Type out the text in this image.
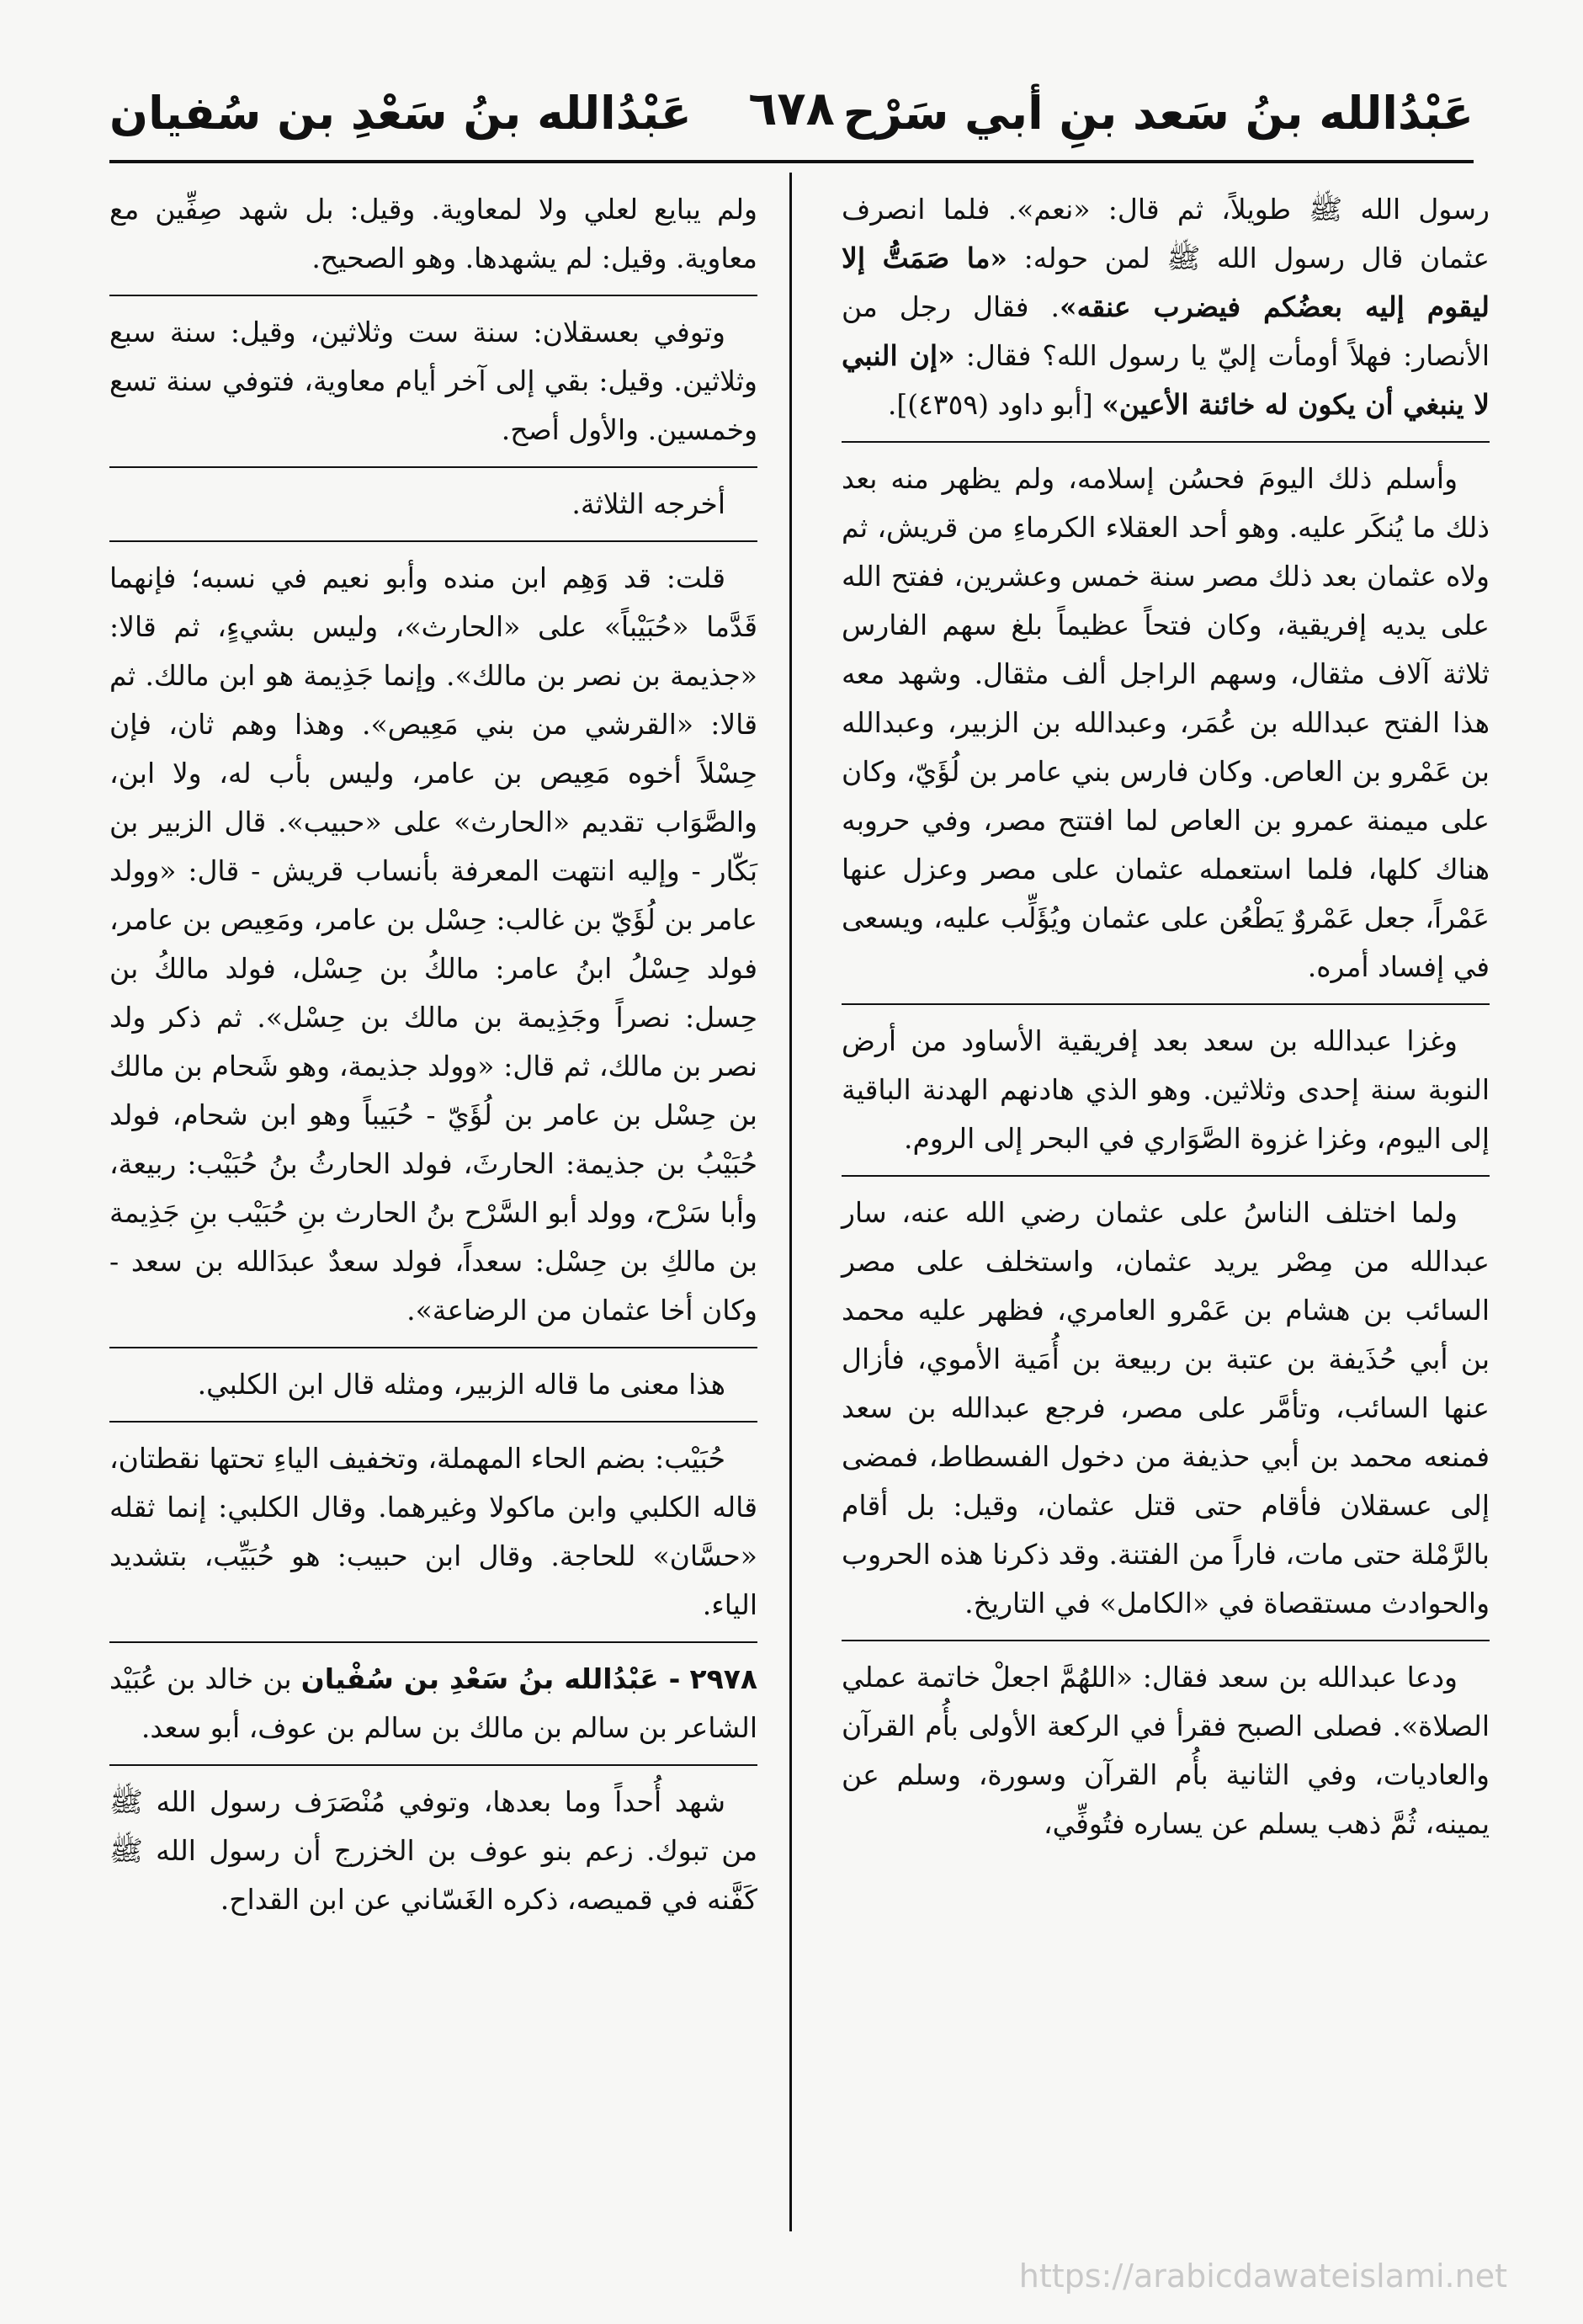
عَبْدُالله بنُ سَعْدِ بن سُفيان	٦٧٨ عَبْدُالله بنُ سَعد بنِ أبي سَرْح

رسول الله ﷺ طويلاً، ثم قال: «نعم». فلما انصرف عثمان قال رسول الله ﷺ لمن حوله: «ما صَمَتُّ إلا ليقوم إليه بعضُكم فيضرب عنقه». فقال رجل من الأنصار: فهلاً أومأت إليّ يا رسول الله؟ فقال: «إن النبي لا ينبغي أن يكون له خائنة الأعين» [أبو داود (٤٣٥٩)].

وأسلم ذلك اليومَ فحسُن إسلامه، ولم يظهر منه بعد ذلك ما يُنكَر عليه. وهو أحد العقلاء الكرماءِ من قريش، ثم ولاه عثمان بعد ذلك مصر سنة خمس وعشرين، ففتح الله على يديه إفريقية، وكان فتحاً عظيماً بلغ سهم الفارس ثلاثة آلاف مثقال، وسهم الراجل ألف مثقال. وشهد معه هذا الفتح عبدالله بن عُمَر، وعبدالله بن الزبير، وعبدالله بن عَمْرو بن العاص. وكان فارس بني عامر بن لُؤَيّ، وكان على ميمنة عمرو بن العاص لما افتتح مصر، وفي حروبه هناك كلها، فلما استعمله عثمان على مصر وعزل عنها عَمْراً، جعل عَمْروٌ يَطْعُن على عثمان ويُؤَلِّب عليه، ويسعى في إفساد أمره.

وغزا عبدالله بن سعد بعد إفريقية الأساود من أرض النوبة سنة إحدى وثلاثين. وهو الذي هادنهم الهدنة الباقية إلى اليوم، وغزا غزوة الصَّوَاري في البحر إلى الروم.

ولما اختلف الناسُ على عثمان رضي الله عنه، سار عبدالله من مِصْر يريد عثمان، واستخلف على مصر السائب بن هشام بن عَمْرو العامري، فظهر عليه محمد بن أبي حُذَيفة بن عتبة بن ربيعة بن أُمَية الأموي، فأزال عنها السائب، وتأمَّر على مصر، فرجع عبدالله بن سعد فمنعه محمد بن أبي حذيفة من دخول الفسطاط، فمضى إلى عسقلان فأقام حتى قتل عثمان، وقيل: بل أقام بالرَّمْلة حتى مات، فاراً من الفتنة. وقد ذكرنا هذه الحروب والحوادث مستقصاة في «الكامل» في التاريخ.

ودعا عبدالله بن سعد فقال: «اللهُمَّ اجعلْ خاتمة عملي الصلاة». فصلى الصبح فقرأ في الركعة الأولى بأُم القرآن والعاديات، وفي الثانية بأُم القرآن وسورة، وسلم عن يمينه، ثُمَّ ذهب يسلم عن يساره فتُوفِّي،

ولم يبايع لعلي ولا لمعاوية. وقيل: بل شهد صِفِّين مع معاوية. وقيل: لم يشهدها. وهو الصحيح.

وتوفي بعسقلان: سنة ست وثلاثين، وقيل: سنة سبع وثلاثين. وقيل: بقي إلى آخر أيام معاوية، فتوفي سنة تسع وخمسين. والأول أصح.

أخرجه الثلاثة.

قلت: قد وَهِم ابن منده وأبو نعيم في نسبه؛ فإنهما قَدَّما «حُبَيْباً» على «الحارث»، وليس بشيءٍ، ثم قالا: «جذيمة بن نصر بن مالك». وإنما جَذِيمة هو ابن مالك. ثم قالا: «القرشي من بني مَعِيص». وهذا وهم ثان، فإن حِسْلاً أخوه مَعِيص بن عامر، وليس بأب له، ولا ابن، والصَّوَاب تقديم «الحارث» على «حبيب». قال الزبير بن بَكّار - وإليه انتهت المعرفة بأنساب قريش - قال: «وولد عامر بن لُؤَيّ بن غالب: حِسْل بن عامر، ومَعِيص بن عامر، فولد حِسْلُ ابنُ عامر: مالكُ بن حِسْل، فولد مالكُ بن حِسل: نصراً وجَذِيمة بن مالك بن حِسْل». ثم ذكر ولد نصر بن مالك، ثم قال: «وولد جذيمة، وهو شَحام بن مالك بن حِسْل بن عامر بن لُؤَيّ - حُبَيباً وهو ابن شحام، فولد حُبَيْبُ بن جذيمة: الحارثَ، فولد الحارثُ بنُ حُبَيْب: ربيعة، وأبا سَرْح، وولد أبو السَّرْح بنُ الحارث بنِ حُبَيْب بنِ جَذِيمة بن مالكِ بن حِسْل: سعداً، فولد سعدٌ عبدَالله بن سعد - وكان أخا عثمان من الرضاعة».

هذا معنى ما قاله الزبير، ومثله قال ابن الكلبي.

حُبَيْب: بضم الحاء المهملة، وتخفيف الياءِ تحتها نقطتان، قاله الكلبي وابن ماكولا وغيرهما. وقال الكلبي: إنما ثقله «حسَّان» للحاجة. وقال ابن حبيب: هو حُبَيِّب، بتشديد الياء.

٢٩٧٨ - عَبْدُالله بنُ سَعْدِ بن سُفْيان بن خالد بن عُبَيْد الشاعر بن سالم بن مالك بن سالم بن عوف، أبو سعد.

شهد أُحداً وما بعدها، وتوفي مُنْصَرَف رسول الله ﷺ من تبوك. زعم بنو عوف بن الخزرج أن رسول الله ﷺ كَفَّنه في قميصه، ذكره الغَسّاني عن ابن القداح.

https://arabicdawateislami.net
